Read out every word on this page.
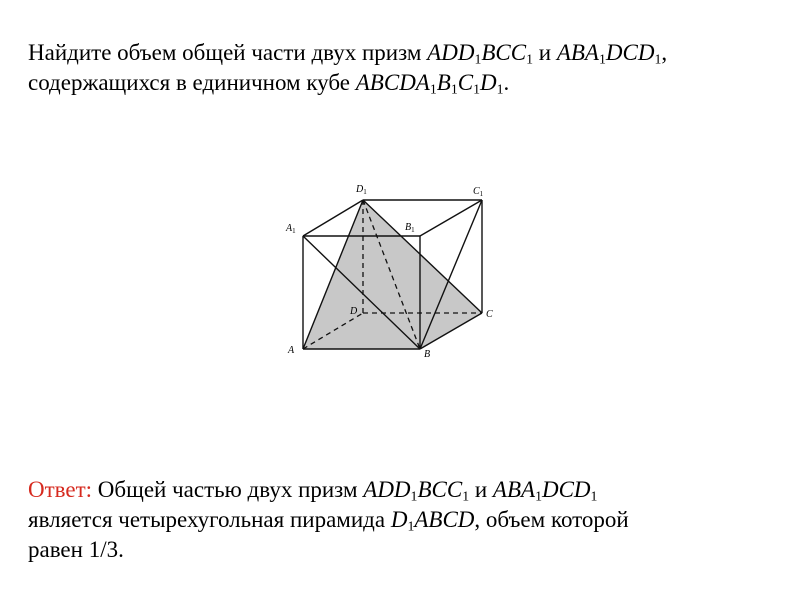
Найдите объем общей части двух призм $ADD_1BCC_1$ и $ABA_1DCD_1$,
содержащихся в единичном кубе $ABCDA_1B_1C_1D_1$.
A	B
C
D
$A_1$	$B_1$
$C_1$
$D_1$
Ответ: Общей частью двух призм $ADD_1BCC_1$ и $ABA_1DCD_1$
является четырехугольная пирамида $D_1ABCD$, объем которой
равен 1/3.
